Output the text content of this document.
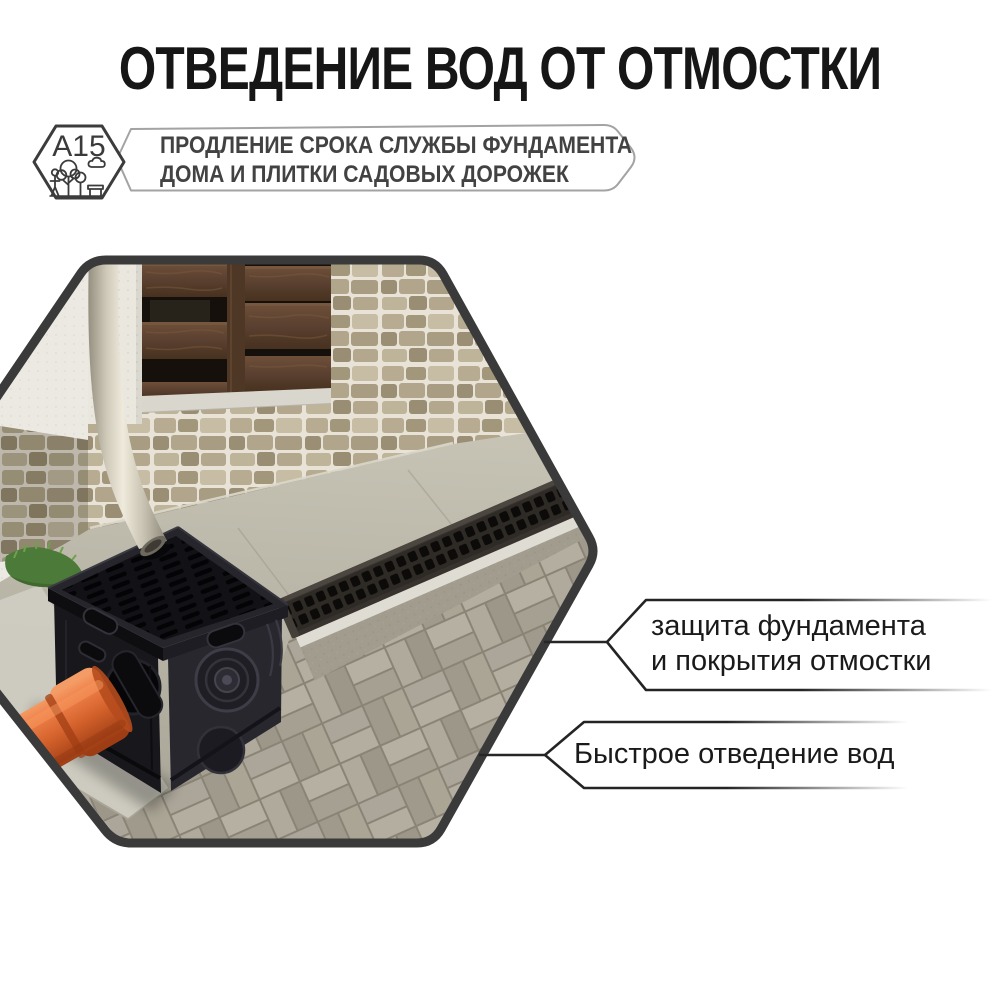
A15
ОТВЕДЕНИЕ ВОД ОТ ОТМОСТКИ
ПРОДЛЕНИЕ СРОКА СЛУЖБЫ ФУНДАМЕНТА
ДОМА И ПЛИТКИ САДОВЫХ ДОРОЖЕК
защита фундамента
и покрытия отмостки
Быстрое отведение вод
